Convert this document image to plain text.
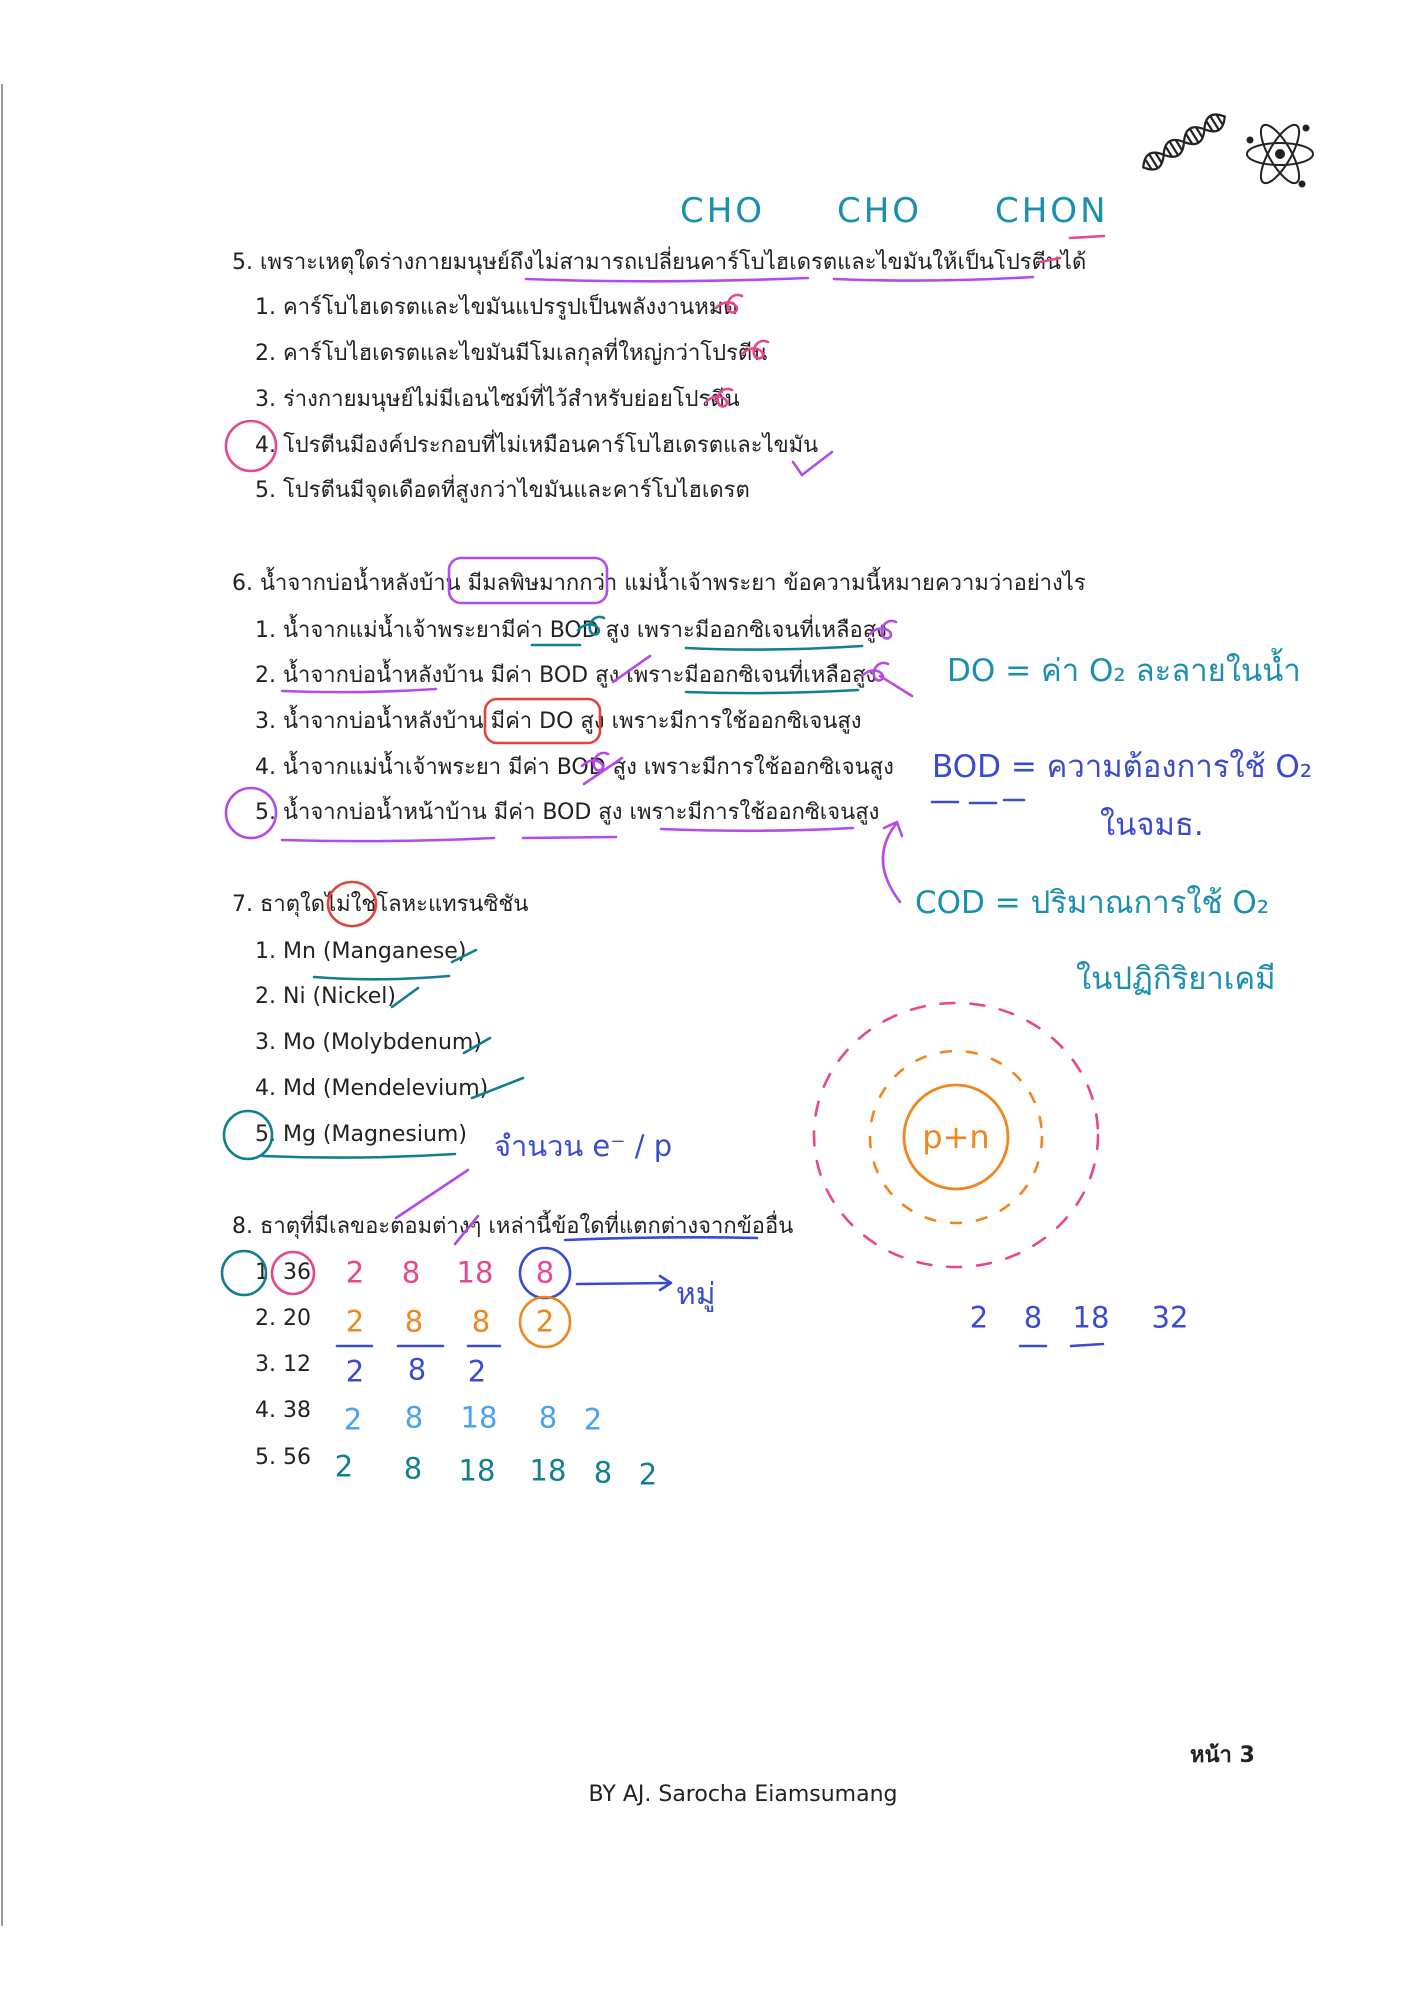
CHO CHO CHON
5. เพราะเหตุใดร่างกายมนุษย์ถึงไม่สามารถเปลี่ยนคาร์โบไฮเดรตและไขมันให้เป็นโปรตีนได้
1. คาร์โบไฮเดรตและไขมันแปรรูปเป็นพลังงานหมด
2. คาร์โบไฮเดรตและไขมันมีโมเลกุลที่ใหญ่กว่าโปรตีน
3. ร่างกายมนุษย์ไม่มีเอนไซม์ที่ไว้สำหรับย่อยโปรตีน
4. โปรตีนมีองค์ประกอบที่ไม่เหมือนคาร์โบไฮเดรตและไขมัน
5. โปรตีนมีจุดเดือดที่สูงกว่าไขมันและคาร์โบไฮเดรต
6. น้ำจากบ่อน้ำหลังบ้าน มีมลพิษมากกว่า แม่น้ำเจ้าพระยา ข้อความนี้หมายความว่าอย่างไร
1. น้ำจากแม่น้ำเจ้าพระยามีค่า BOD สูง เพราะมีออกซิเจนที่เหลือสูง
2. น้ำจากบ่อน้ำหลังบ้าน มีค่า BOD สูง เพราะมีออกซิเจนที่เหลือสูง
3. น้ำจากบ่อน้ำหลังบ้าน มีค่า DO สูง เพราะมีการใช้ออกซิเจนสูง
4. น้ำจากแม่น้ำเจ้าพระยา มีค่า BOD สูง เพราะมีการใช้ออกซิเจนสูง
5. น้ำจากบ่อน้ำหน้าบ้าน มีค่า BOD สูง เพราะมีการใช้ออกซิเจนสูง
DO = ค่า O₂ ละลายในน้ำ
BOD = ความต้องการใช้ O₂
ในจมธ.
COD = ปริมาณการใช้ O₂
ในปฏิกิริยาเคมี
7. ธาตุใดไม่ใช่โลหะแทรนซิชัน
1. Mn (Manganese)
2. Ni (Nickel)
3. Mo (Molybdenum)
4. Md (Mendelevium)
5. Mg (Magnesium) จำนวน e⁻ / p	p+n
2 8 18 32
8. ธาตุที่มีเลขอะตอมต่างๆ เหล่านี้ข้อใดที่แตกต่างจากข้ออื่น
1. 36
2. 20
3. 12
4. 38
5. 56
หมู่
2 8 18 8
2 8 8 2
2 8 2
2 8 18 8 2
2 8 18 18 8 2
หน้า 3
BY AJ. Sarocha Eiamsumang
